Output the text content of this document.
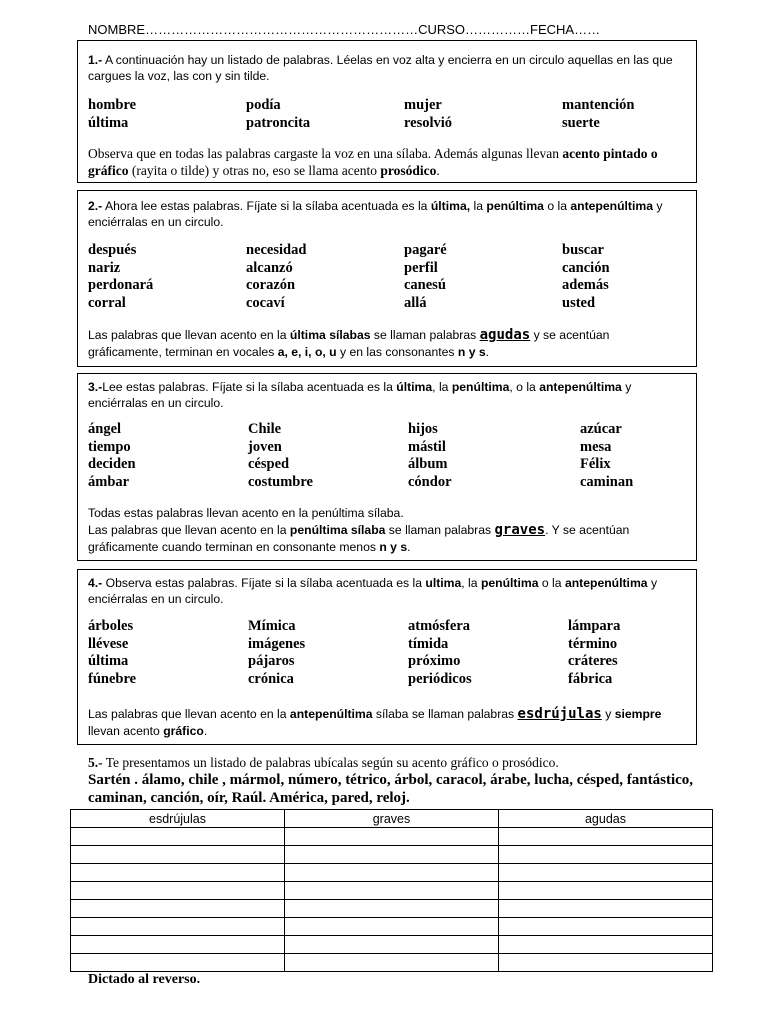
NOMBRE………………………………………………………CURSO……………FECHA……

1.- A continuación hay un listado de palabras. Léelas en voz alta y encierra en un circulo aquellas en las que cargues la voz, las con y sin tilde.

hombre	podía	mujer	mantención
última	patroncita	resolvió	suerte

Observa que en todas las palabras cargaste la voz en una sílaba. Además algunas llevan acento pintado o gráfico (rayita o tilde) y otras no, eso se llama acento prosódico.

2.- Ahora lee estas palabras. Fíjate si la sílaba acentuada es la última, la penúltima o la antepenúltima y enciérralas en un circulo.

después	necesidad	pagaré	buscar
nariz	alcanzó	perfil	canción
perdonará	corazón	canesú	además
corral	cocaví	allá	usted

Las palabras que llevan acento en la última sílabas se llaman palabras agudas y se acentúan gráficamente, terminan en vocales a, e, i, o, u y en las consonantes n y s.

3.-Lee estas palabras. Fíjate si la sílaba acentuada es la última, la penúltima, o la antepenúltima y enciérralas en un circulo.

ángel	Chile	hijos	azúcar
tiempo	joven	mástil	mesa
deciden	césped	álbum	Félix
ámbar	costumbre	cóndor	caminan

Todas estas palabras llevan acento en la penúltima sílaba.

Las palabras que llevan acento en la penúltima sílaba se llaman palabras graves. Y se acentúan gráficamente cuando terminan en consonante menos n y s.

4.- Observa estas palabras. Fíjate si la sílaba acentuada es la ultima, la penúltima o la antepenúltima y enciérralas en un circulo.

árboles	Mímica	atmósfera	lámpara
llévese	imágenes	tímida	término
última	pájaros	próximo	cráteres
fúnebre	crónica	periódicos	fábrica

Las palabras que llevan acento en la antepenúltima sílaba se llaman palabras esdrújulas y siempre llevan acento gráfico.

5.- Te presentamos un listado de palabras ubícalas según su acento gráfico o prosódico.

Sartén . álamo, chile , mármol, número, tétrico, árbol, caracol, árabe, lucha, césped, fantástico, caminan, canción, oír, Raúl. América, pared, reloj.

esdrújulas	graves	agudas

Dictado al reverso.
